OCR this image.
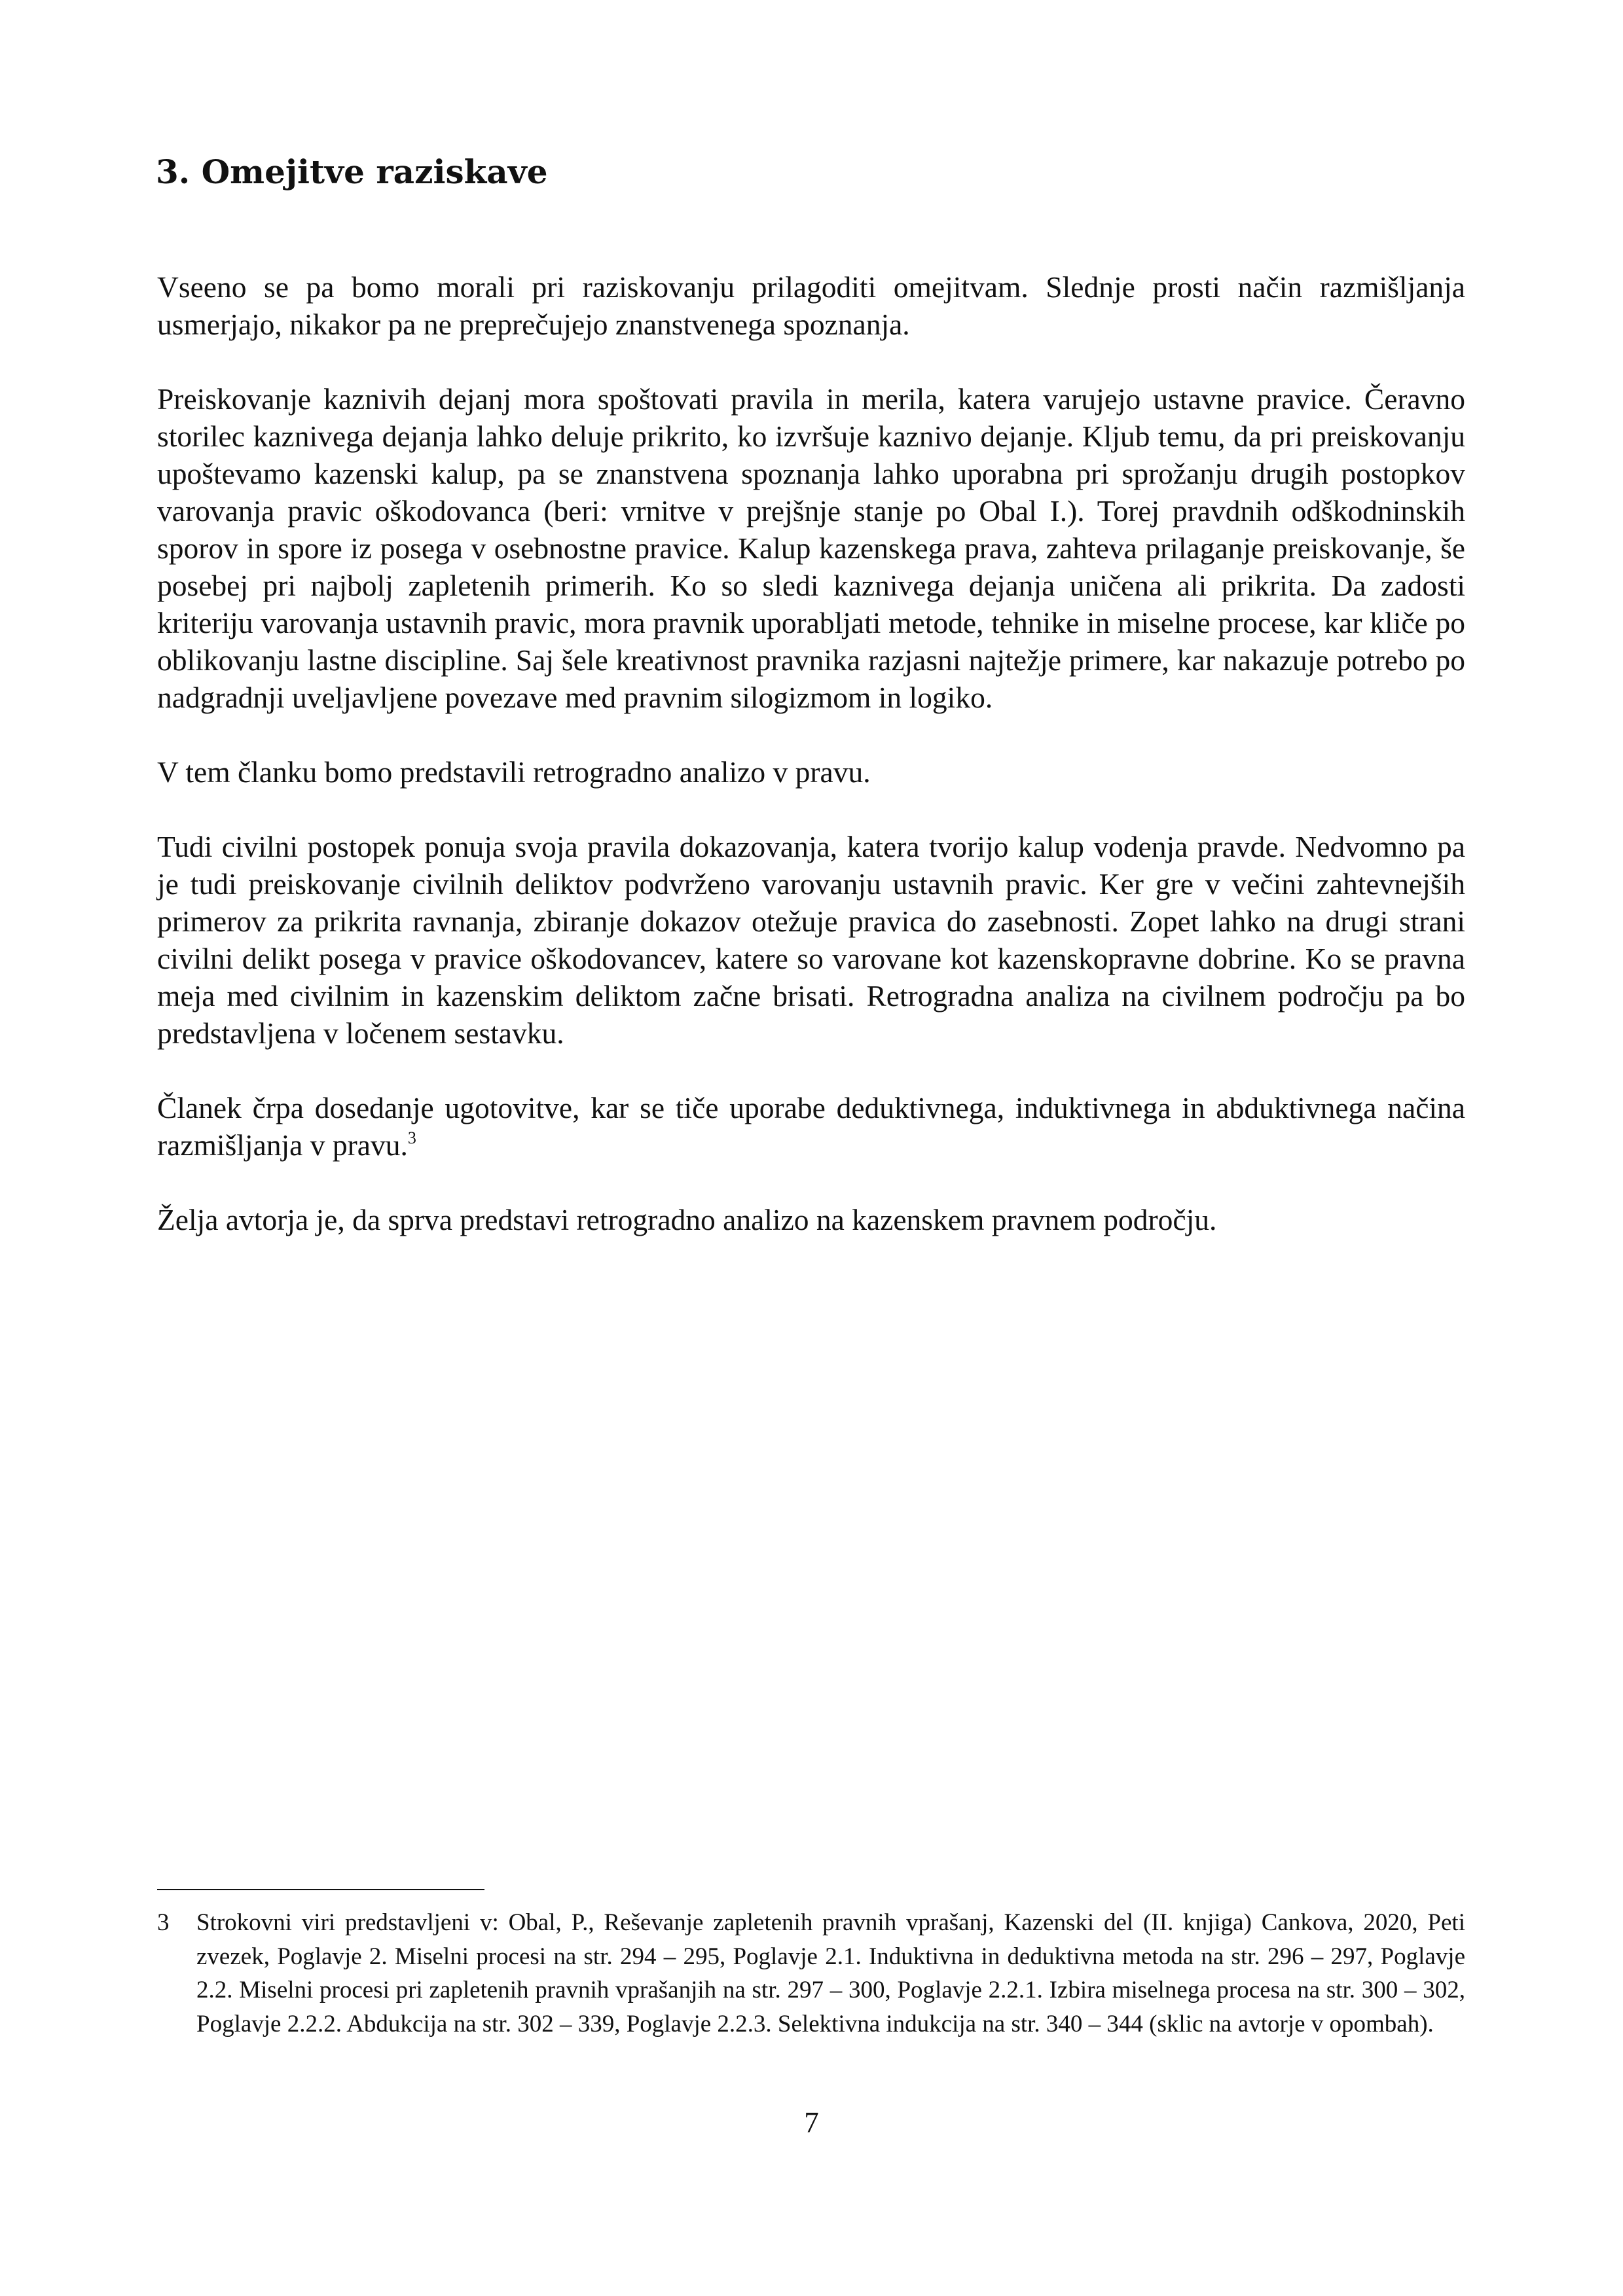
3. Omejitve raziskave

Vseeno se pa bomo morali pri raziskovanju prilagoditi omejitvam. Slednje prosti način razmišljanja usmerjajo, nikakor pa ne preprečujejo znanstvenega spoznanja.

Preiskovanje kaznivih dejanj mora spoštovati pravila in merila, katera varujejo ustavne pravice. Čeravno storilec kaznivega dejanja lahko deluje prikrito, ko izvršuje kaznivo dejanje. Kljub temu, da pri preiskovanju upoštevamo kazenski kalup, pa se znanstvena spoznanja lahko uporabna pri sprožanju drugih postopkov varovanja pravic oškodovanca (beri: vrnitve v prejšnje stanje po Obal I.). Torej pravdnih odškodninskih sporov in spore iz posega v osebnostne pravice. Kalup kazenskega prava, zahteva prilaganje preiskovanje, še posebej pri najbolj zapletenih primerih. Ko so sledi kaznivega dejanja uničena ali prikrita. Da zadosti kriteriju varovanja ustavnih pravic, mora pravnik uporabljati metode, tehnike in miselne procese, kar kliče po oblikovanju lastne discipline. Saj šele kreativnost pravnika razjasni najtežje primere, kar nakazuje potrebo po nadgradnji uveljavljene povezave med pravnim silogizmom in logiko.

V tem članku bomo predstavili retrogradno analizo v pravu.

Tudi civilni postopek ponuja svoja pravila dokazovanja, katera tvorijo kalup vodenja pravde. Nedvomno pa je tudi preiskovanje civilnih deliktov podvrženo varovanju ustavnih pravic. Ker gre v večini zahtevnejših primerov za prikrita ravnanja, zbiranje dokazov otežuje pravica do zasebnosti. Zopet lahko na drugi strani civilni delikt posega v pravice oškodovancev, katere so varovane kot kazenskopravne dobrine. Ko se pravna meja med civilnim in kazenskim deliktom začne brisati. Retrogradna analiza na civilnem področju pa bo predstavljena v ločenem sestavku.

Članek črpa dosedanje ugotovitve, kar se tiče uporabe deduktivnega, induktivnega in abduktivnega načina razmišljanja v pravu.$^3$

Želja avtorja je, da sprva predstavi retrogradno analizo na kazenskem pravnem področju.

3 Strokovni viri predstavljeni v: Obal, P., Reševanje zapletenih pravnih vprašanj, Kazenski del (II. knjiga) Cankova, 2020, Peti zvezek, Poglavje 2. Miselni procesi na str. 294 – 295, Poglavje 2.1. Induktivna in deduktivna metoda na str. 296 – 297, Poglavje 2.2. Miselni procesi pri zapletenih pravnih vprašanjih na str. 297 – 300, Poglavje 2.2.1. Izbira miselnega procesa na str. 300 – 302, Poglavje 2.2.2. Abdukcija na str. 302 – 339, Poglavje 2.2.3. Selektivna indukcija na str. 340 – 344 (sklic na avtorje v opombah).

7
